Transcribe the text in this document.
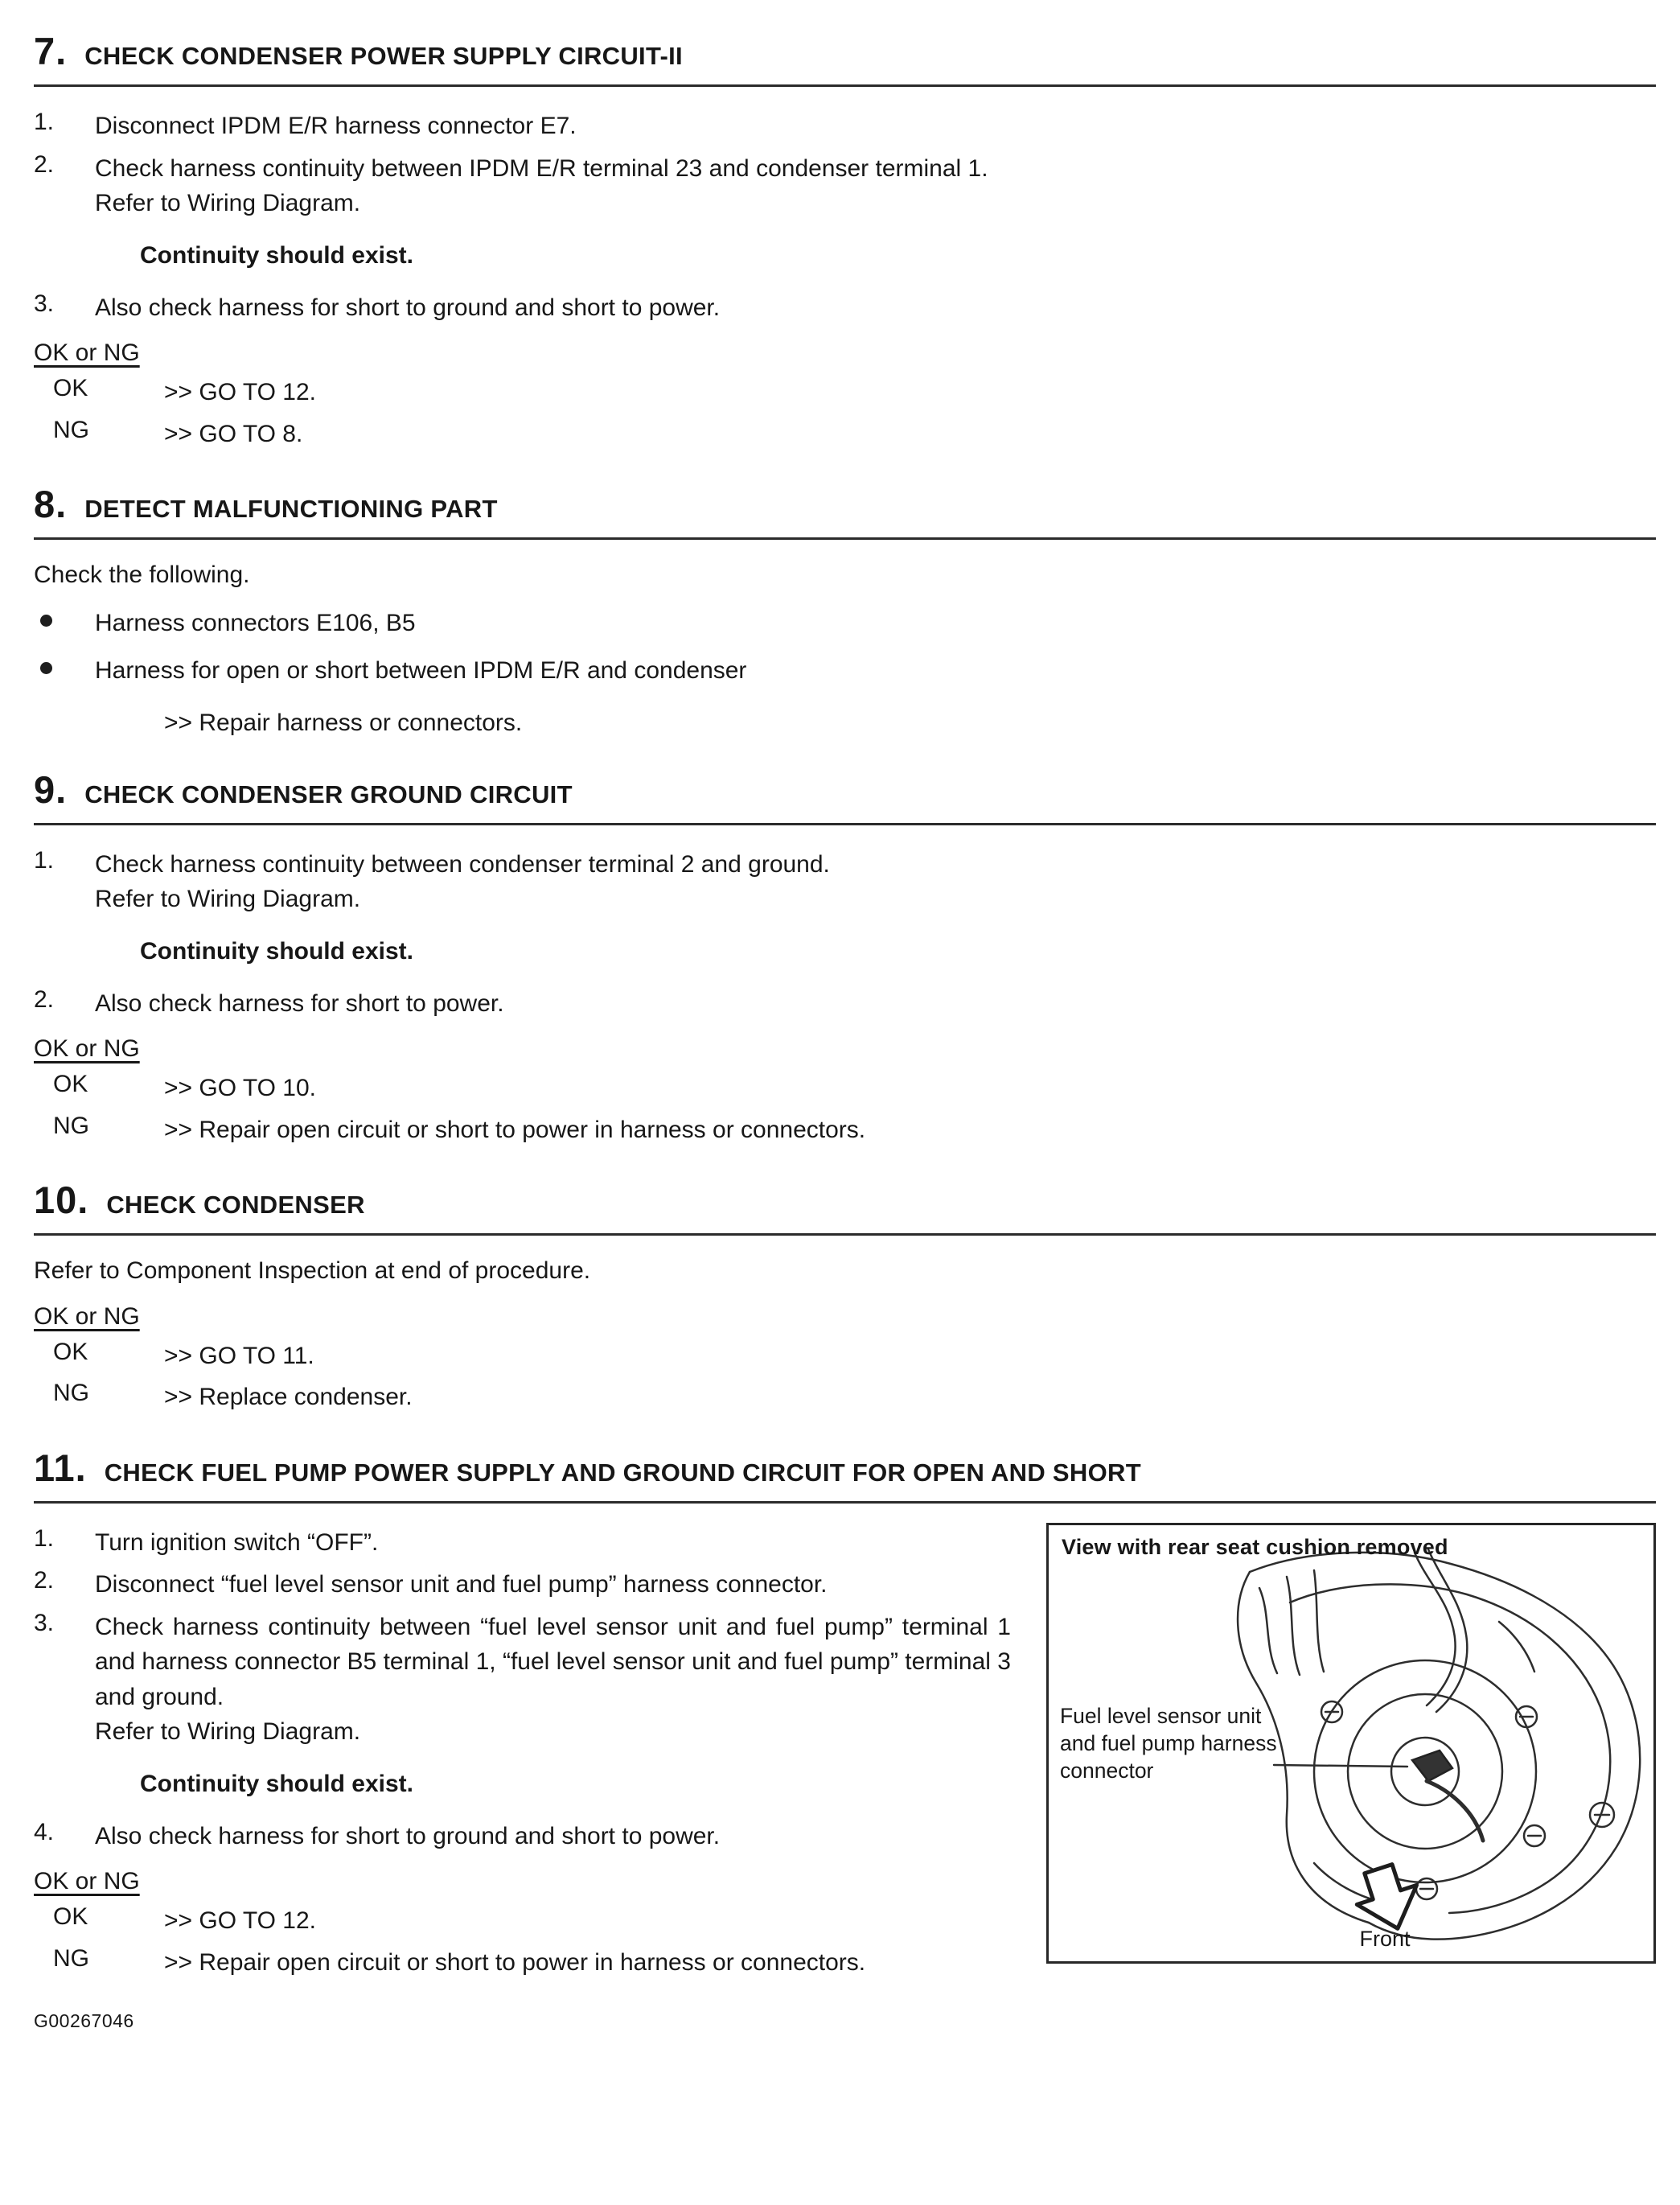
7. CHECK CONDENSER POWER SUPPLY CIRCUIT-II
1.	Disconnect IPDM E/R harness connector E7.
2.	Check harness continuity between IPDM E/R terminal 23 and condenser terminal 1.
Refer to Wiring Diagram.
Continuity should exist.
3.	Also check harness for short to ground and short to power.
OK or NG
OK	>> GO TO 12.
NG	>> GO TO 8.
8. DETECT MALFUNCTIONING PART
Check the following.
Harness connectors E106, B5
Harness for open or short between IPDM E/R and condenser
>> Repair harness or connectors.
9. CHECK CONDENSER GROUND CIRCUIT
1.	Check harness continuity between condenser terminal 2 and ground.
Refer to Wiring Diagram.
Continuity should exist.
2.	Also check harness for short to power.
OK or NG
OK	>> GO TO 10.
NG	>> Repair open circuit or short to power in harness or connectors.
10. CHECK CONDENSER
Refer to Component Inspection at end of procedure.
OK or NG
OK	>> GO TO 11.
NG	>> Replace condenser.
11. CHECK FUEL PUMP POWER SUPPLY AND GROUND CIRCUIT FOR OPEN AND SHORT
View with rear seat cushion removed
Fuel level sensor unit and fuel pump harness connector
Front
1.	Turn ignition switch “OFF”.
2.	Disconnect “fuel level sensor unit and fuel pump” harness connector.
3.	Check harness continuity between “fuel level sensor unit and fuel pump” terminal 1 and harness connector B5 terminal 1, “fuel level sensor unit and fuel pump” terminal 3 and ground.
Refer to Wiring Diagram.
Continuity should exist.
4.	Also check harness for short to ground and short to power.
OK or NG
OK	>> GO TO 12.
NG	>> Repair open circuit or short to power in harness or connectors.
G00267046
